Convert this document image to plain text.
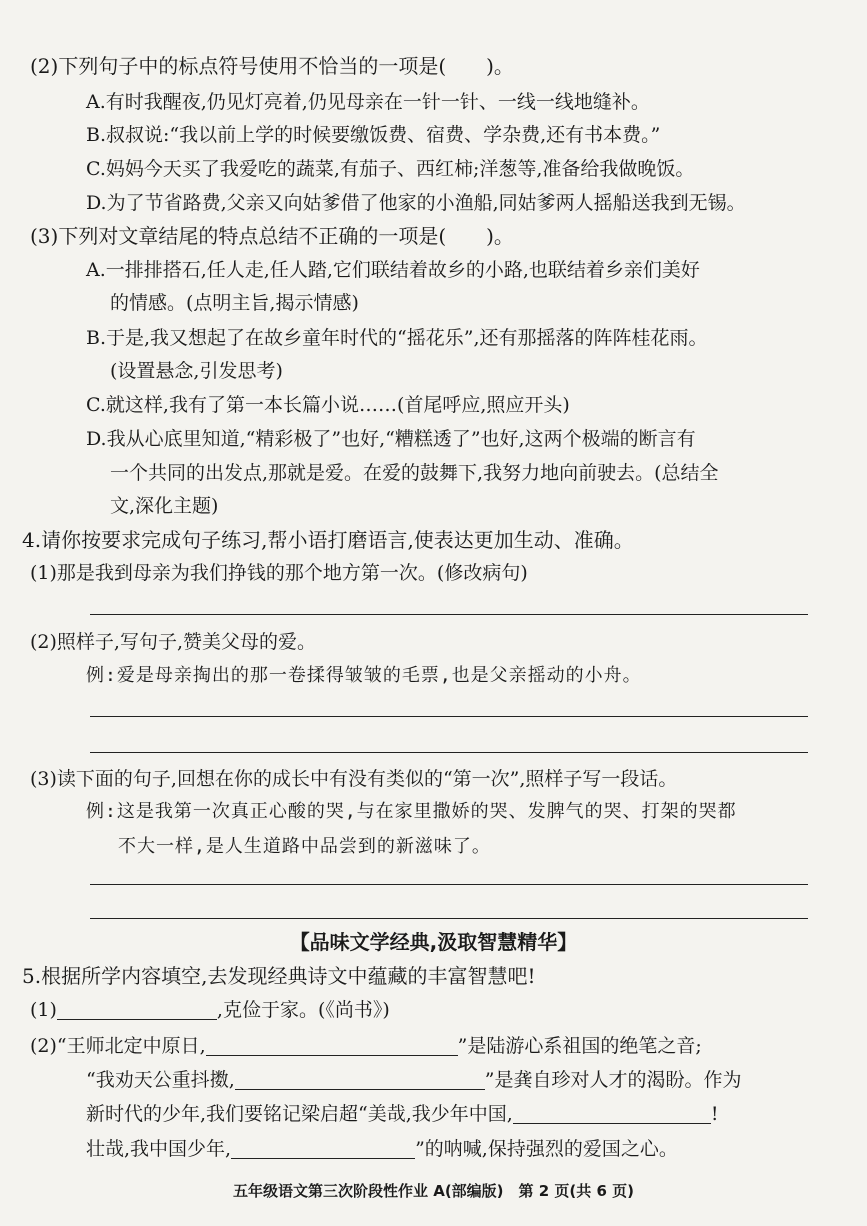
(2)下列句子中的标点符号使用不恰当的一项是(　　)。
A.有时我醒夜,仍见灯亮着,仍见母亲在一针一针、一线一线地缝补。
B.叔叔说:“我以前上学的时候要缴饭费、宿费、学杂费,还有书本费。”
C.妈妈今天买了我爱吃的蔬菜,有茄子、西红柿;洋葱等,准备给我做晚饭。
D.为了节省路费,父亲又向姑爹借了他家的小渔船,同姑爹两人摇船送我到无锡。
(3)下列对文章结尾的特点总结不正确的一项是(　　)。
A.一排排搭石,任人走,任人踏,它们联结着故乡的小路,也联结着乡亲们美好
的情感。(点明主旨,揭示情感)
B.于是,我又想起了在故乡童年时代的“摇花乐”,还有那摇落的阵阵桂花雨。
(设置悬念,引发思考)
C.就这样,我有了第一本长篇小说……(首尾呼应,照应开头)
D.我从心底里知道,“精彩极了”也好,“糟糕透了”也好,这两个极端的断言有
一个共同的出发点,那就是爱。在爱的鼓舞下,我努力地向前驶去。(总结全
文,深化主题)
4.请你按要求完成句子练习,帮小语打磨语言,使表达更加生动、准确。
(1)那是我到母亲为我们挣钱的那个地方第一次。(修改病句)
(2)照样子,写句子,赞美父母的爱。
例:爱是母亲掏出的那一卷揉得皱皱的毛票,也是父亲摇动的小舟。
(3)读下面的句子,回想在你的成长中有没有类似的“第一次”,照样子写一段话。
例:这是我第一次真正心酸的哭,与在家里撒娇的哭、发脾气的哭、打架的哭都
不大一样,是人生道路中品尝到的新滋味了。
【品味文学经典,汲取智慧精华】
5.根据所学内容填空,去发现经典诗文中蕴藏的丰富智慧吧!
(1)	,克俭于家。(《尚书》)
(2)“王师北定中原日,	”是陆游心系祖国的绝笔之音;
“我劝天公重抖擞,	”是龚自珍对人才的渴盼。作为
新时代的少年,我们要铭记梁启超“美哉,我少年中国,	!
壮哉,我中国少年,	”的呐喊,保持强烈的爱国之心。
五年级语文第三次阶段性作业 A(部编版)　第 2 页(共 6 页)
